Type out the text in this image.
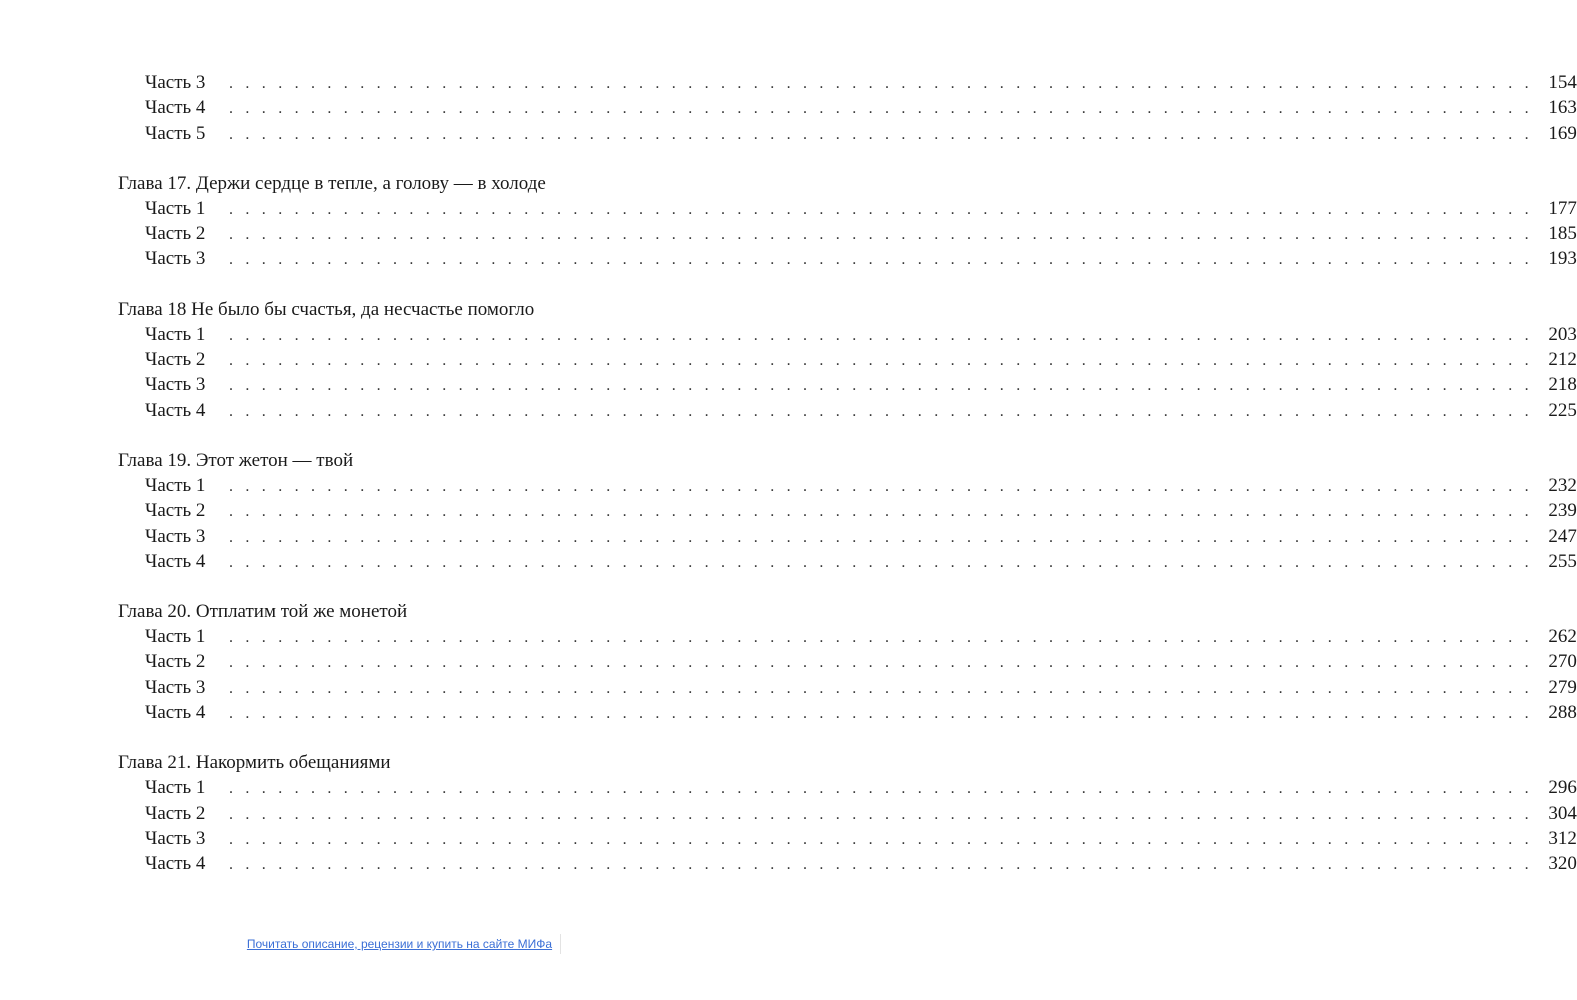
Часть 3	. . . . . . . . . . . . . . . . . . . . . . . . . . . . . . . . . . . . . . . . . . . . . . . . . . . . . . . . . . . . . . . . . . . . . . . . . . . . . . . . 154
Часть 4	. . . . . . . . . . . . . . . . . . . . . . . . . . . . . . . . . . . . . . . . . . . . . . . . . . . . . . . . . . . . . . . . . . . . . . . . . . . . . . . . 163
Часть 5	. . . . . . . . . . . . . . . . . . . . . . . . . . . . . . . . . . . . . . . . . . . . . . . . . . . . . . . . . . . . . . . . . . . . . . . . . . . . . . . . 169
Глава 17. Держи сердце в тепле, а голову — в холоде
Часть 1	. . . . . . . . . . . . . . . . . . . . . . . . . . . . . . . . . . . . . . . . . . . . . . . . . . . . . . . . . . . . . . . . . . . . . . . . . . . . . . . . 177
Часть 2	. . . . . . . . . . . . . . . . . . . . . . . . . . . . . . . . . . . . . . . . . . . . . . . . . . . . . . . . . . . . . . . . . . . . . . . . . . . . . . . . 185
Часть 3	. . . . . . . . . . . . . . . . . . . . . . . . . . . . . . . . . . . . . . . . . . . . . . . . . . . . . . . . . . . . . . . . . . . . . . . . . . . . . . . . 193
Глава 18 Не было бы счастья, да несчастье помогло
Часть 1	. . . . . . . . . . . . . . . . . . . . . . . . . . . . . . . . . . . . . . . . . . . . . . . . . . . . . . . . . . . . . . . . . . . . . . . . . . . . . . . . 203
Часть 2	. . . . . . . . . . . . . . . . . . . . . . . . . . . . . . . . . . . . . . . . . . . . . . . . . . . . . . . . . . . . . . . . . . . . . . . . . . . . . . . . 212
Часть 3	. . . . . . . . . . . . . . . . . . . . . . . . . . . . . . . . . . . . . . . . . . . . . . . . . . . . . . . . . . . . . . . . . . . . . . . . . . . . . . . . 218
Часть 4	. . . . . . . . . . . . . . . . . . . . . . . . . . . . . . . . . . . . . . . . . . . . . . . . . . . . . . . . . . . . . . . . . . . . . . . . . . . . . . . . 225
Глава 19. Этот жетон — твой
Часть 1	. . . . . . . . . . . . . . . . . . . . . . . . . . . . . . . . . . . . . . . . . . . . . . . . . . . . . . . . . . . . . . . . . . . . . . . . . . . . . . . . 232
Часть 2	. . . . . . . . . . . . . . . . . . . . . . . . . . . . . . . . . . . . . . . . . . . . . . . . . . . . . . . . . . . . . . . . . . . . . . . . . . . . . . . . 239
Часть 3	. . . . . . . . . . . . . . . . . . . . . . . . . . . . . . . . . . . . . . . . . . . . . . . . . . . . . . . . . . . . . . . . . . . . . . . . . . . . . . . . 247
Часть 4	. . . . . . . . . . . . . . . . . . . . . . . . . . . . . . . . . . . . . . . . . . . . . . . . . . . . . . . . . . . . . . . . . . . . . . . . . . . . . . . . 255
Глава 20. Отплатим той же монетой
Часть 1	. . . . . . . . . . . . . . . . . . . . . . . . . . . . . . . . . . . . . . . . . . . . . . . . . . . . . . . . . . . . . . . . . . . . . . . . . . . . . . . . 262
Часть 2	. . . . . . . . . . . . . . . . . . . . . . . . . . . . . . . . . . . . . . . . . . . . . . . . . . . . . . . . . . . . . . . . . . . . . . . . . . . . . . . . 270
Часть 3	. . . . . . . . . . . . . . . . . . . . . . . . . . . . . . . . . . . . . . . . . . . . . . . . . . . . . . . . . . . . . . . . . . . . . . . . . . . . . . . . 279
Часть 4	. . . . . . . . . . . . . . . . . . . . . . . . . . . . . . . . . . . . . . . . . . . . . . . . . . . . . . . . . . . . . . . . . . . . . . . . . . . . . . . . 288
Глава 21. Накормить обещаниями
Часть 1	. . . . . . . . . . . . . . . . . . . . . . . . . . . . . . . . . . . . . . . . . . . . . . . . . . . . . . . . . . . . . . . . . . . . . . . . . . . . . . . . 296
Часть 2	. . . . . . . . . . . . . . . . . . . . . . . . . . . . . . . . . . . . . . . . . . . . . . . . . . . . . . . . . . . . . . . . . . . . . . . . . . . . . . . . 304
Часть 3	. . . . . . . . . . . . . . . . . . . . . . . . . . . . . . . . . . . . . . . . . . . . . . . . . . . . . . . . . . . . . . . . . . . . . . . . . . . . . . . . 312
Часть 4	. . . . . . . . . . . . . . . . . . . . . . . . . . . . . . . . . . . . . . . . . . . . . . . . . . . . . . . . . . . . . . . . . . . . . . . . . . . . . . . . 320
Почитать описание, рецензии и купить на сайте МИФа
